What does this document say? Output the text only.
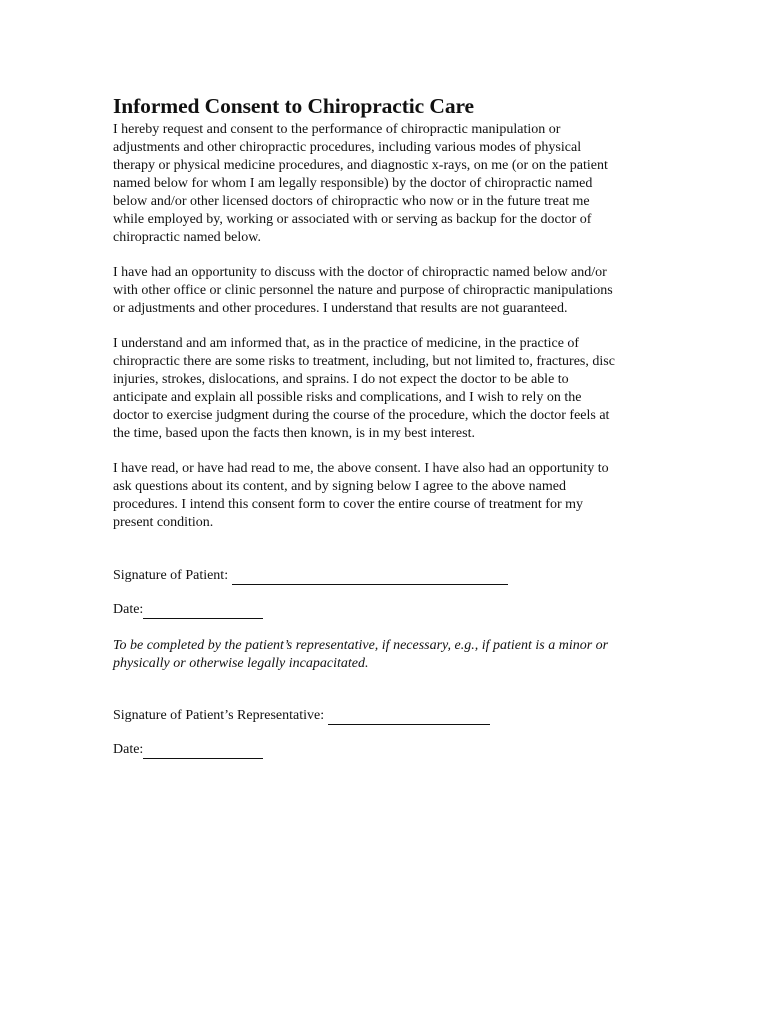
Informed Consent to Chiropractic Care

I hereby request and consent to the performance of chiropractic manipulation or
adjustments and other chiropractic procedures, including various modes of physical
therapy or physical medicine procedures, and diagnostic x-rays, on me (or on the patient
named below for whom I am legally responsible) by the doctor of chiropractic named
below and/or other licensed doctors of chiropractic who now or in the future treat me
while employed by, working or associated with or serving as backup for the doctor of
chiropractic named below.

I have had an opportunity to discuss with the doctor of chiropractic named below and/or
with other office or clinic personnel the nature and purpose of chiropractic manipulations
or adjustments and other procedures. I understand that results are not guaranteed.

I understand and am informed that, as in the practice of medicine, in the practice of
chiropractic there are some risks to treatment, including, but not limited to, fractures, disc
injuries, strokes, dislocations, and sprains. I do not expect the doctor to be able to
anticipate and explain all possible risks and complications, and I wish to rely on the
doctor to exercise judgment during the course of the procedure, which the doctor feels at
the time, based upon the facts then known, is in my best interest.

I have read, or have had read to me, the above consent. I have also had an opportunity to
ask questions about its content, and by signing below I agree to the above named
procedures. I intend this consent form to cover the entire course of treatment for my
present condition.

Signature of Patient:
Date:

To be completed by the patient’s representative, if necessary, e.g., if patient is a minor or
physically or otherwise legally incapacitated.

Signature of Patient’s Representative:
Date:
